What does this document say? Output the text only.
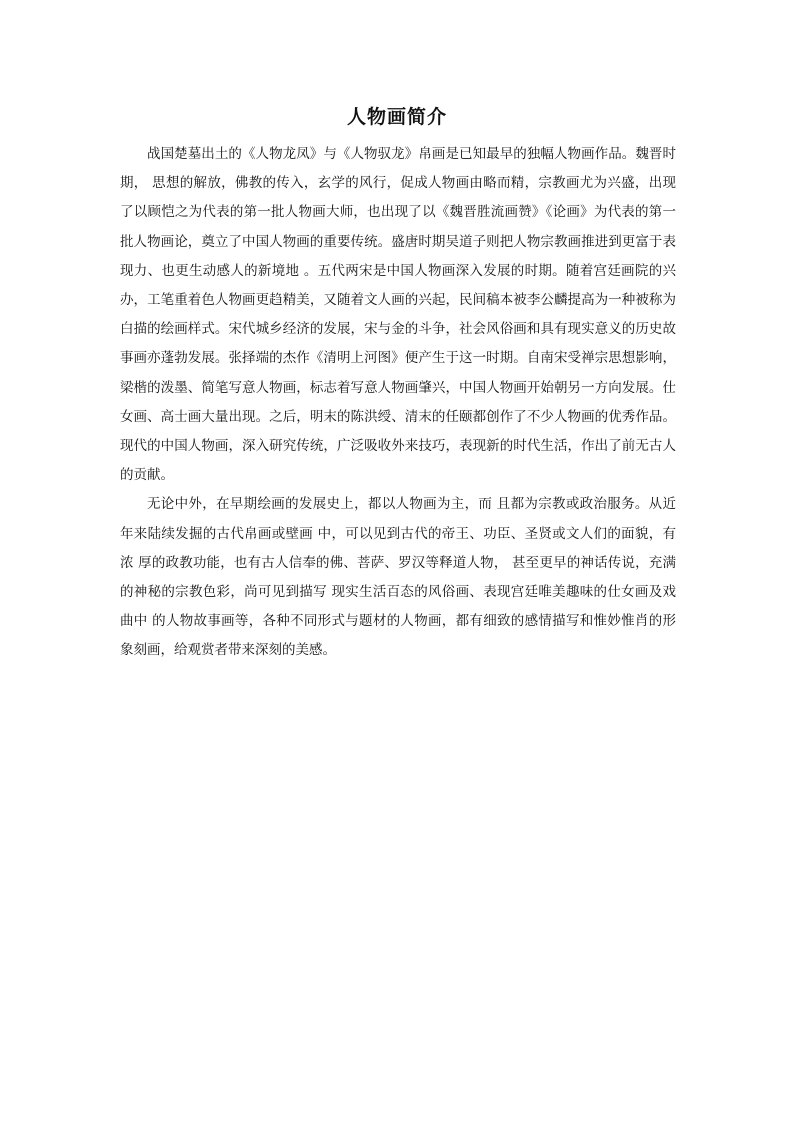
人物画简介

战国楚墓出土的《人物龙凤》与《人物驭龙》帛画是已知最早的独幅人物画作品。魏晋时期， 思想的解放，佛教的传入，玄学的风行，促成人物画由略而精，宗教画尤为兴盛，出现了以顾恺之为代表的第一批人物画大师，也出现了以《魏晋胜流画赞》《论画》为代表的第一批人物画论，奠立了中国人物画的重要传统。盛唐时期吴道子则把人物宗教画推进到更富于表现力、也更生动感人的新境地 。五代两宋是中国人物画深入发展的时期。随着宫廷画院的兴办，工笔重着色人物画更趋精美，又随着文人画的兴起，民间稿本被李公麟提高为一种被称为白描的绘画样式。宋代城乡经济的发展，宋与金的斗争，社会风俗画和具有现实意义的历史故事画亦蓬勃发展。张择端的杰作《清明上河图》便产生于这一时期。自南宋受禅宗思想影响，梁楷的泼墨、简笔写意人物画，标志着写意人物画肇兴，中国人物画开始朝另一方向发展。仕女画、高士画大量出现。之后，明末的陈洪绶、清末的任颐都创作了不少人物画的优秀作品。现代的中国人物画，深入研究传统，广泛吸收外来技巧，表现新的时代生活，作出了前无古人的贡献。

无论中外，在早期绘画的发展史上，都以人物画为主，而 且都为宗教或政治服务。从近年来陆续发掘的古代帛画或壁画 中，可以见到古代的帝王、功臣、圣贤或文人们的面貌，有浓 厚的政教功能，也有古人信奉的佛、菩萨、罗汉等释道人物， 甚至更早的神话传说，充满的神秘的宗教色彩，尚可见到描写 现实生活百态的风俗画、表现宫廷唯美趣味的仕女画及戏曲中 的人物故事画等，各种不同形式与题材的人物画，都有细致的感情描写和惟妙惟肖的形象刻画，给观赏者带来深刻的美感。
